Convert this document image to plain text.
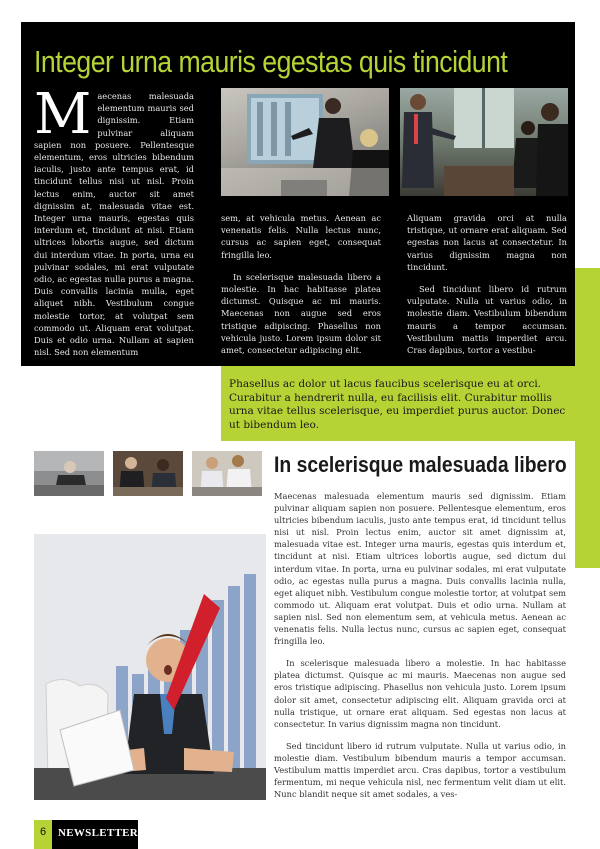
Integer urna mauris egestas quis tincidunt
M aecenas malesuada elementum mauris sed dignissim. Etiam pulvinar aliquam sapien non posuere. Pellentesque elementum, eros ultricies bibendum iaculis, justo ante tempus erat, id tincidunt tellus nisi ut nisl. Proin lectus enim, auctor sit amet dignissim at, malesuada vitae est. Integer urna mauris, egestas quis interdum et, tincidunt at nisi. Etiam ultrices lobortis augue, sed dictum dui interdum vitae. In porta, urna eu pulvinar sodales, mi erat vulputate odio, ac egestas nulla purus a magna. Duis convallis lacinia mulla, eget aliquet nibh. Vestibulum congue molestie tortor, at volutpat sem commodo ut. Aliquam erat volutpat. Duis et odio urna. Nullam at sapien nisl. Sed non elementum

sem, at vehicula metus. Aenean ac venenatis felis. Nulla lectus nunc, cursus ac sapien eget, consequat fringilla leo.

In scelerisque malesuada libero a molestie. In hac habitasse platea dictumst. Quisque ac mi mauris. Maecenas non augue sed eros tristique adipiscing. Phasellus non vehicula justo. Lorem ipsum dolor sit amet, consectetur adipiscing elit.

Aliquam gravida orci at nulla tristique, ut ornare erat aliquam. Sed egestas non lacus at consectetur. In varius dignissim magna non tincidunt.

Sed tincidunt libero id rutrum vulputate. Nulla ut varius odio, in molestie diam. Vestibulum bibendum mauris a tempor accumsan. Vestibulum mattis imperdiet arcu. Cras dapibus, tortor a vestibu-

Phasellus ac dolor ut lacus faucibus scelerisque eu at orci. Curabitur a hendrerit nulla, eu facilisis elit. Curabitur mollis urna vitae tellus scelerisque, eu imperdiet purus auctor. Donec ut bibendum leo.
In scelerisque malesuada libero

Maecenas malesuada elementum mauris sed dignissim. Etiam pulvinar aliquam sapien non posuere. Pellentesque elementum, eros ultricies bibendum iaculis, justo ante tempus erat, id tincidunt tellus nisi ut nisl. Proin lectus enim, auctor sit amet dignissim at, malesuada vitae est. Integer urna mauris, egestas quis interdum et, tincidunt at nisi. Etiam ultrices lobortis augue, sed dictum dui interdum vitae. In porta, urna eu pulvinar sodales, mi erat vulputate odio, ac egestas nulla purus a magna. Duis convallis lacinia nulla, eget aliquet nibh. Vestibulum congue molestie tortor, at volutpat sem commodo ut. Aliquam erat volutpat. Duis et odio urna. Nullam at sapien nisl. Sed non elementum sem, at vehicula metus. Aenean ac venenatis felis. Nulla lectus nunc, cursus ac sapien eget, consequat fringilla leo.

In scelerisque malesuada libero a molestie. In hac habitasse platea dictumst. Quisque ac mi mauris. Maecenas non augue sed eros tristique adipiscing. Phasellus non vehicula justo. Lorem ipsum dolor sit amet, consectetur adipiscing elit. Aliquam gravida orci at nulla tristique, ut ornare erat aliquam. Sed egestas non lacus at consectetur. In varius dignissim magna non tincidunt.

Sed tincidunt libero id rutrum vulputate. Nulla ut varius odio, in molestie diam. Vestibulum bibendum mauris a tempor accumsan. Vestibulum mattis imperdiet arcu. Cras dapibus, tortor a vestibulum fermentum, mi neque vehicula nisl, nec fermentum velit diam ut elit. Nunc blandit neque sit amet sodales, a ves-

6	NEWSLETTER
